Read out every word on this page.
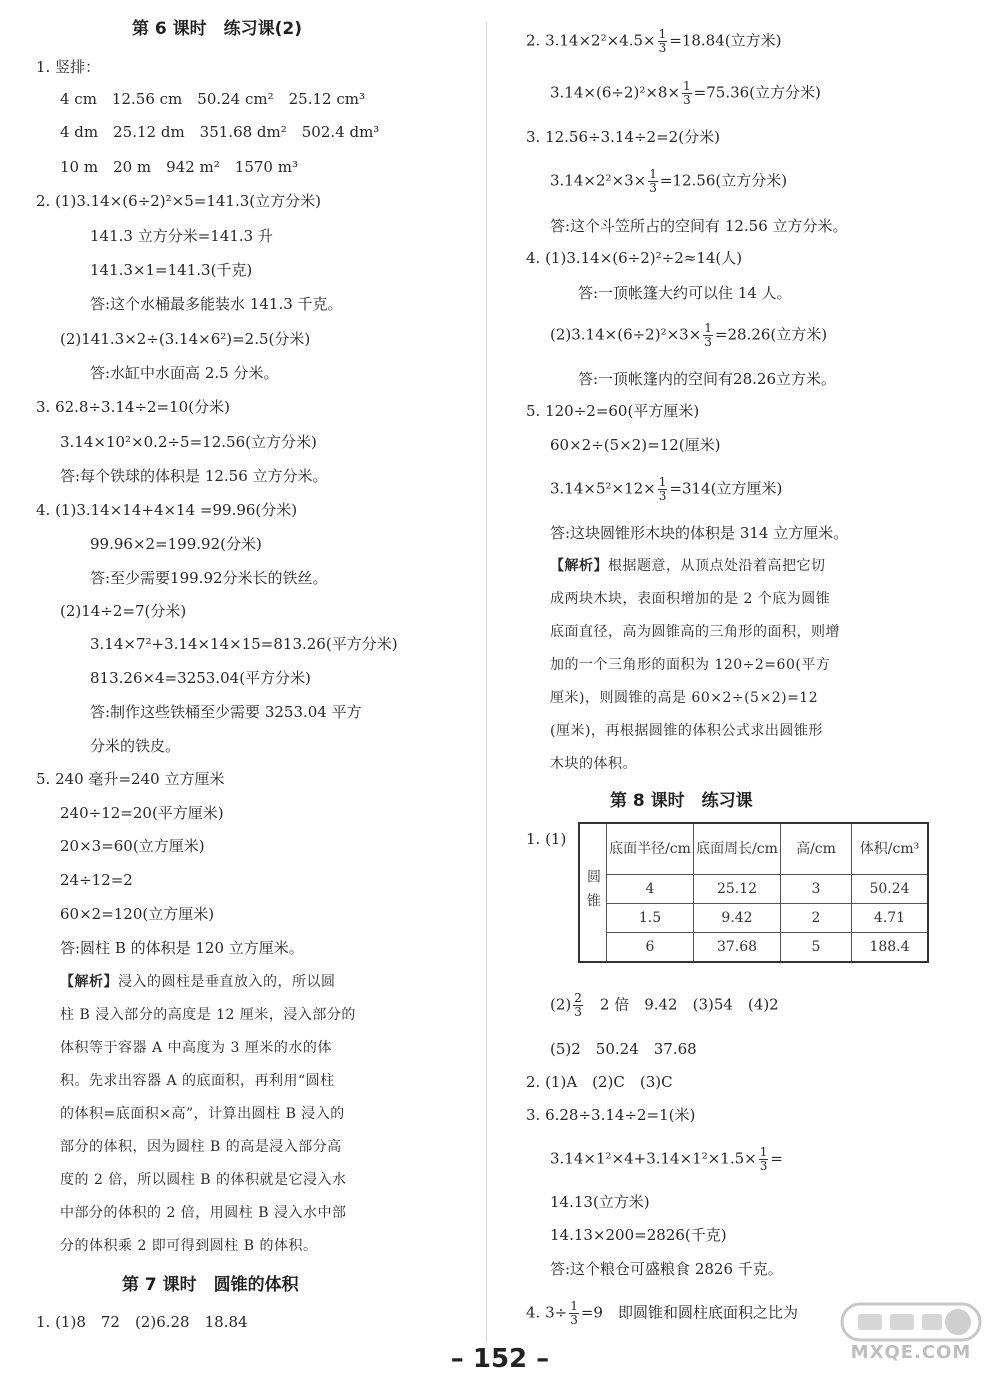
第 6 课时　练习课(2)
1. 竖排：
4 cm　12.56 cm　50.24 cm²　25.12 cm³
4 dm　25.12 dm　351.68 dm²　502.4 dm³
10 m　20 m　942 m²　1570 m³
2. (1)3.14×(6÷2)²×5=141.3(立方分米)
141.3 立方分米=141.3 升
141.3×1=141.3(千克)
答:这个水桶最多能装水 141.3 千克。
(2)141.3×2÷(3.14×6²)=2.5(分米)
答:水缸中水面高 2.5 分米。
3. 62.8÷3.14÷2=10(分米)
3.14×10²×0.2÷5=12.56(立方分米)
答:每个铁球的体积是 12.56 立方分米。
4. (1)3.14×14+4×14 =99.96(分米)
99.96×2=199.92(分米)
答:至少需要199.92分米长的铁丝。
(2)14÷2=7(分米)
3.14×7²+3.14×14×15=813.26(平方分米)
813.26×4=3253.04(平方分米)
答:制作这些铁桶至少需要 3253.04 平方
分米的铁皮。
5. 240 毫升=240 立方厘米
240÷12=20(平方厘米)
20×3=60(立方厘米)
24÷12=2
60×2=120(立方厘米)
答:圆柱 B 的体积是 120 立方厘米。
【解析】浸入的圆柱是垂直放入的，所以圆
柱 B 浸入部分的高度是 12 厘米，浸入部分的
体积等于容器 A 中高度为 3 厘米的水的体
积。先求出容器 A 的底面积，再利用“圆柱
的体积=底面积×高”，计算出圆柱 B 浸入的
部分的体积，因为圆柱 B 的高是浸入部分高
度的 2 倍，所以圆柱 B 的体积就是它浸入水
中部分的体积的 2 倍，用圆柱 B 浸入水中部
分的体积乘 2 即可得到圆柱 B 的体积。
第 7 课时　圆锥的体积
1. (1)8　72　(2)6.28　18.84
2. $3.14\times 2^2\times 4.5\times \frac{1}{3} =18.84$(立方米)
$3.14\times(6\div 2)^2\times 8\times \frac{1}{3} =75.36$(立方分米)
3. 12.56÷3.14÷2=2(分米)
$3.14\times 2^2\times 3\times \frac{1}{3} =12.56$(立方分米)
答:这个斗笠所占的空间有 12.56 立方分米。
4. (1)3.14×(6÷2)²÷2≈14(人)
答:一顶帐篷大约可以住 14 人。
$(2)3.14\times(6\div 2)^2\times 3\times \frac{1}{3} =28.26$(立方米)
答:一顶帐篷内的空间有28.26立方米。
5. 120÷2=60(平方厘米)
60×2÷(5×2)=12(厘米)
$3.14\times 5^2\times 12\times \frac{1}{3} =314$(立方厘米)
答:这块圆锥形木块的体积是 314 立方厘米。
【解析】根据题意，从顶点处沿着高把它切
成两块木块，表面积增加的是 2 个底为圆锥
底面直径，高为圆锥高的三角形的面积，则增
加的一个三角形的面积为 120÷2=60(平方
厘米)，则圆锥的高是 60×2÷(5×2)=12
(厘米)，再根据圆锥的体积公式求出圆锥形
木块的体积。
第 8 课时　练习课
1. (1)
$(2) \frac{2}{3}$ 　2 倍　9.42　(3)54　(4)2
(5)2　50.24　37.68
2. (1)A　(2)C　(3)C
3. 6.28÷3.14÷2=1(米)
$3.14\times 1^2\times 4+3.14\times 1^2\times 1.5\times \frac{1}{3}$ =
14.13(立方米)
14.13×200=2826(千克)
答:这个粮仓可盛粮食 2826 千克。
4. $3\div \frac{1}{3} =9$　即圆锥和圆柱底面积之比为
圆锥	底面半径/cm	底面周长/cm	高/cm	体积/cm³
	4	25.12	3	50.24
	1.5	9.42	2	4.71
	6	37.68	5	188.4
– 152 –	MXQE.COM
